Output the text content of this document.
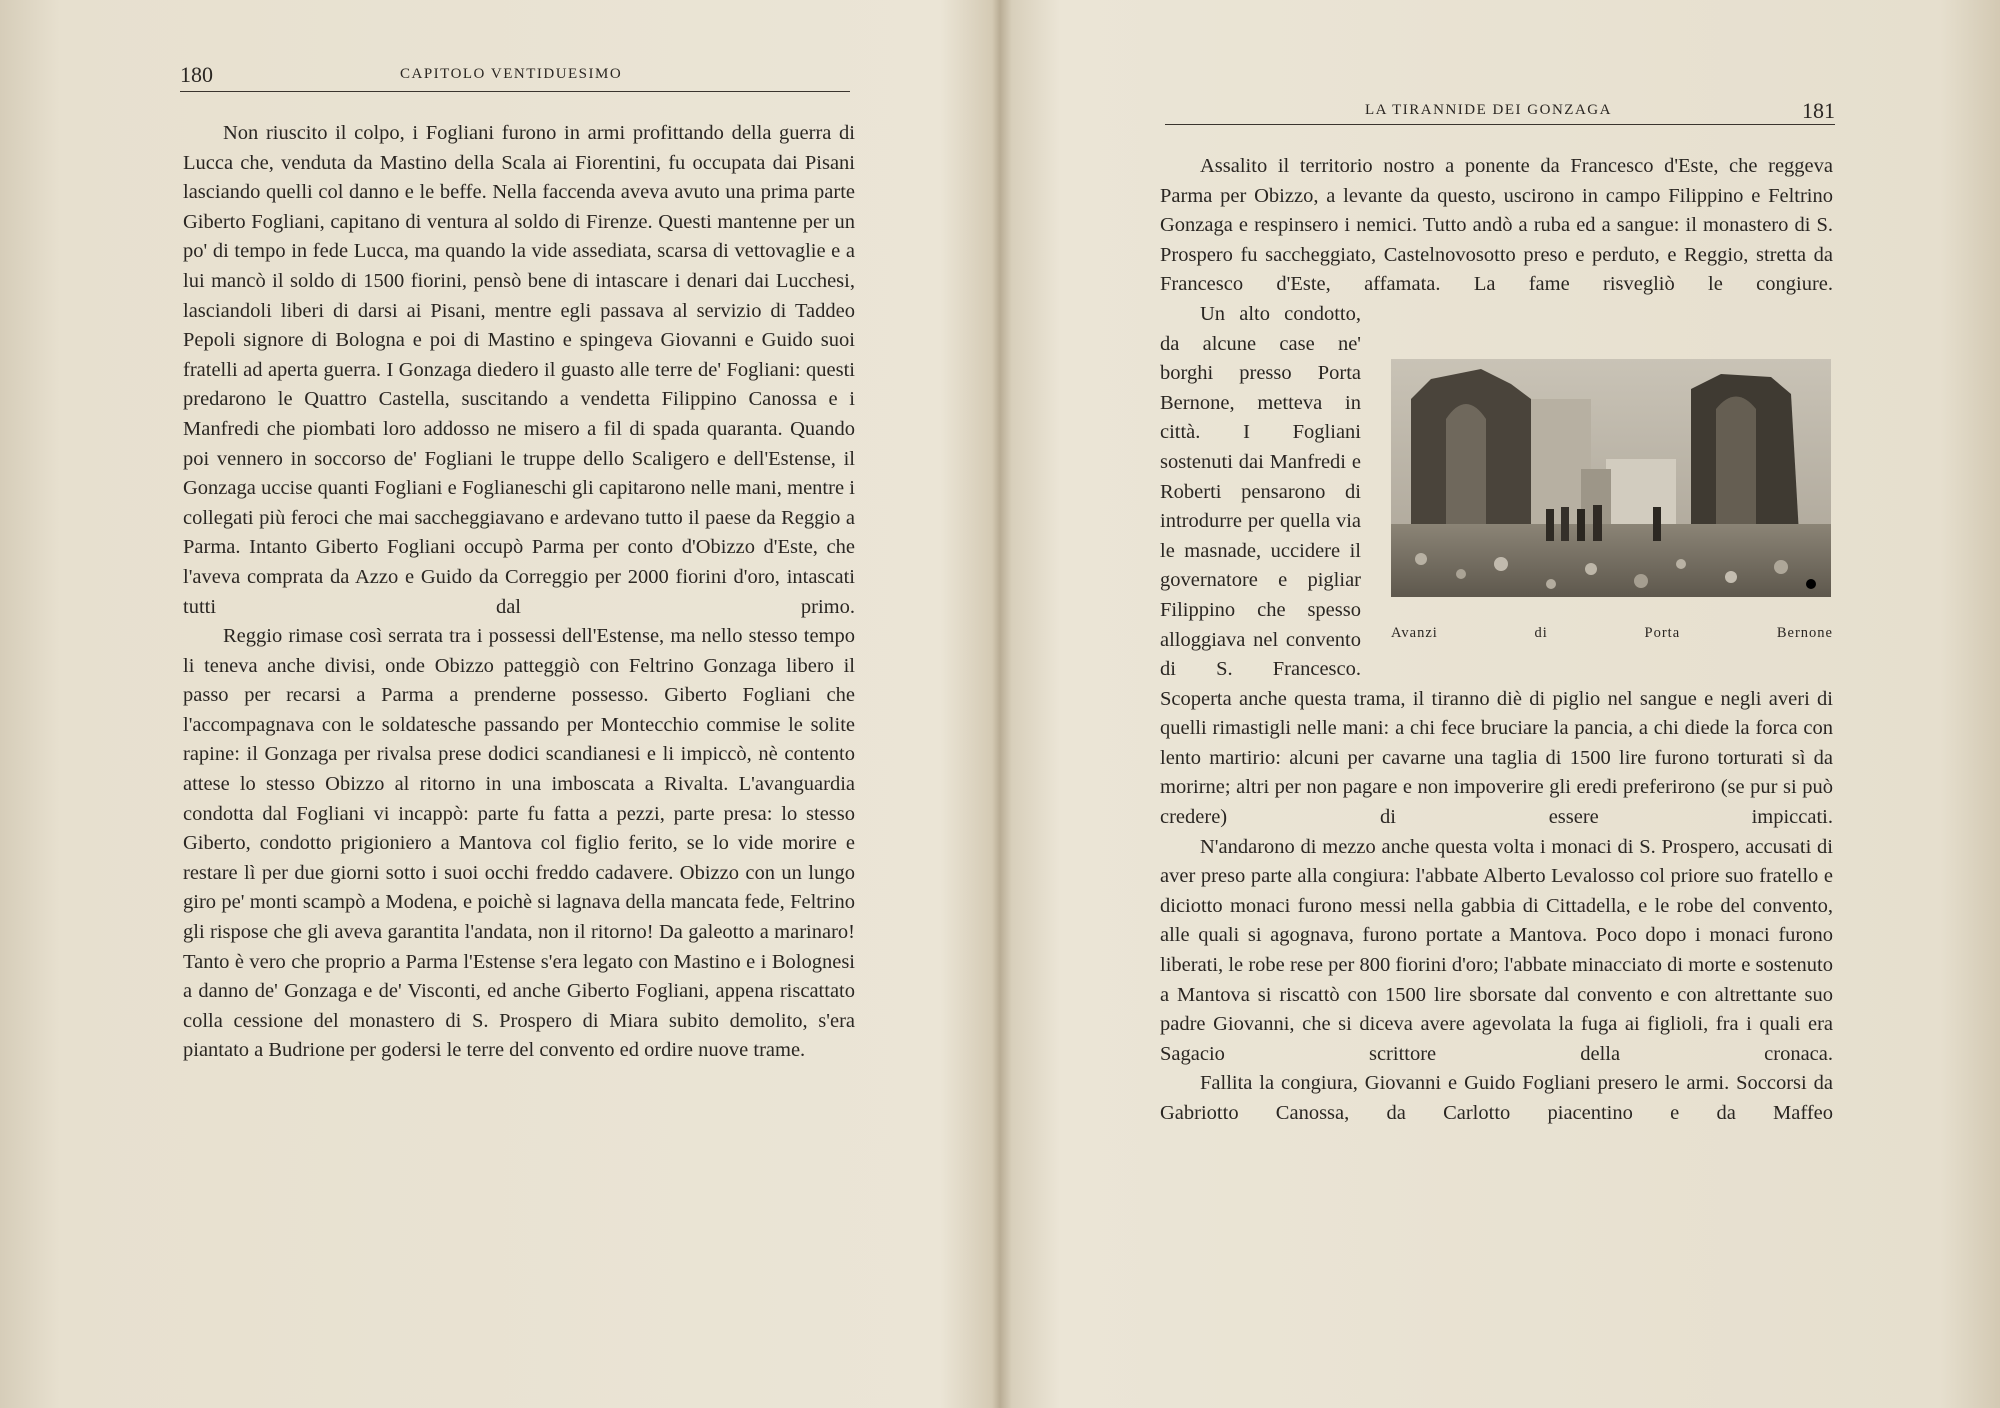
180	CAPITOLO VENTIDUESIMO

Non riuscito il colpo, i Fogliani furono in armi profittando della guerra di Lucca che, venduta da Mastino della Scala ai Fiorentini, fu occupata dai Pisani lasciando quelli col danno e le beffe. Nella faccenda aveva avuto una prima parte Giberto Fogliani, capitano di ventura al soldo di Firenze. Questi mantenne per un po' di tempo in fede Lucca, ma quando la vide assediata, scarsa di vettovaglie e a lui mancò il soldo di 1500 fiorini, pensò bene di intascare i denari dai Lucchesi, lasciandoli liberi di darsi ai Pisani, mentre egli passava al servizio di Taddeo Pepoli signore di Bologna e poi di Mastino e spingeva Giovanni e Guido suoi fratelli ad aperta guerra. I Gonzaga diedero il guasto alle terre de' Fogliani: questi predarono le Quattro Castella, suscitando a vendetta Filippino Canossa e i Manfredi che piombati loro addosso ne misero a fil di spada quaranta. Quando poi vennero in soccorso de' Fogliani le truppe dello Scaligero e dell'Estense, il Gonzaga uccise quanti Fogliani e Foglianeschi gli capitarono nelle mani, mentre i collegati più feroci che mai saccheggiavano e ardevano tutto il paese da Reggio a Parma. Intanto Giberto Fogliani occupò Parma per conto d'Obizzo d'Este, che l'aveva comprata da Azzo e Guido da Correggio per 2000 fiorini d'oro, intascati tutti dal primo.

Reggio rimase così serrata tra i possessi dell'Estense, ma nello stesso tempo li teneva anche divisi, onde Obizzo patteggiò con Feltrino Gonzaga libero il passo per recarsi a Parma a prenderne possesso. Giberto Fogliani che l'accompagnava con le soldatesche passando per Montecchio commise le solite rapine: il Gonzaga per rivalsa prese dodici scandianesi e li impiccò, nè contento attese lo stesso Obizzo al ritorno in una imboscata a Rivalta. L'avanguardia condotta dal Fogliani vi incappò: parte fu fatta a pezzi, parte presa: lo stesso Giberto, condotto prigioniero a Mantova col figlio ferito, se lo vide morire e restare lì per due giorni sotto i suoi occhi freddo cadavere. Obizzo con un lungo giro pe' monti scampò a Modena, e poichè si lagnava della mancata fede, Feltrino gli rispose che gli aveva garantita l'andata, non il ritorno! Da galeotto a marinaro! Tanto è vero che proprio a Parma l'Estense s'era legato con Mastino e i Bolognesi a danno de' Gonzaga e de' Visconti, ed anche Giberto Fogliani, appena riscattato colla cessione del monastero di S. Prospero di Miara subito demolito, s'era piantato a Budrione per godersi le terre del convento ed ordire nuove trame.

LA TIRANNIDE DEI GONZAGA	181

Assalito il territorio nostro a ponente da Francesco d'Este, che reggeva Parma per Obizzo, a levante da questo, uscirono in campo Filippino e Feltrino Gonzaga e respinsero i nemici. Tutto andò a ruba ed a sangue: il monastero di S. Prospero fu saccheggiato, Castelnovosotto preso e perduto, e Reggio, stretta da Francesco d'Este, affamata. La fame risvegliò le congiure.

Avanzi di Porta Bernone

Un alto condotto, da alcune case ne' borghi presso Porta Bernone, metteva in città. I Fogliani sostenuti dai Manfredi e Roberti pensarono di introdurre per quella via le masnade, uccidere il governatore e pigliar Filippino che spesso alloggiava nel convento di S. Francesco. Scoperta anche questa trama, il tiranno diè di piglio nel sangue e negli averi di quelli rimastigli nelle mani: a chi fece bruciare la pancia, a chi diede la forca con lento martirio: alcuni per cavarne una taglia di 1500 lire furono torturati sì da morirne; altri per non pagare e non impoverire gli eredi preferirono (se pur si può credere) di essere impiccati.

N'andarono di mezzo anche questa volta i monaci di S. Prospero, accusati di aver preso parte alla congiura: l'abbate Alberto Levalosso col priore suo fratello e diciotto monaci furono messi nella gabbia di Cittadella, e le robe del convento, alle quali si agognava, furono portate a Mantova. Poco dopo i monaci furono liberati, le robe rese per 800 fiorini d'oro; l'abbate minacciato di morte e sostenuto a Mantova si riscattò con 1500 lire sborsate dal convento e con altrettante suo padre Giovanni, che si diceva avere agevolata la fuga ai figlioli, fra i quali era Sagacio scrittore della cronaca.

Fallita la congiura, Giovanni e Guido Fogliani presero le armi. Soccorsi da Gabriotto Canossa, da Carlotto piacentino e da Maffeo
